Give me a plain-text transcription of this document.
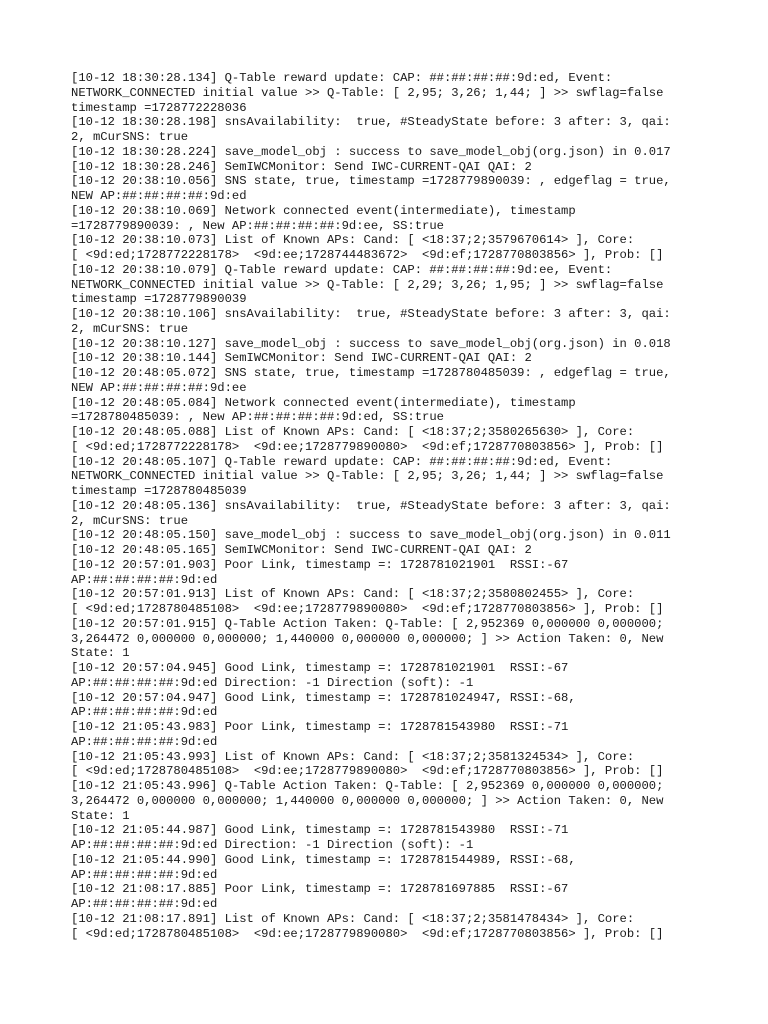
[10-12 18:30:28.134] Q-Table reward update: CAP: ##:##:##:##:9d:ed, Event:
NETWORK_CONNECTED initial value >> Q-Table: [ 2,95; 3,26; 1,44; ] >> swflag=false
timestamp =1728772228036
[10-12 18:30:28.198] snsAvailability:  true, #SteadyState before: 3 after: 3, qai:
2, mCurSNS: true
[10-12 18:30:28.224] save_model_obj : success to save_model_obj(org.json) in 0.017
[10-12 18:30:28.246] SemIWCMonitor: Send IWC-CURRENT-QAI QAI: 2
[10-12 20:38:10.056] SNS state, true, timestamp =1728779890039: , edgeflag = true,
NEW AP:##:##:##:##:9d:ed
[10-12 20:38:10.069] Network connected event(intermediate), timestamp
=1728779890039: , New AP:##:##:##:##:9d:ee, SS:true
[10-12 20:38:10.073] List of Known APs: Cand: [ <18:37;2;3579670614> ], Core:
[ <9d:ed;1728772228178>  <9d:ee;1728744483672>  <9d:ef;1728770803856> ], Prob: []
[10-12 20:38:10.079] Q-Table reward update: CAP: ##:##:##:##:9d:ee, Event:
NETWORK_CONNECTED initial value >> Q-Table: [ 2,29; 3,26; 1,95; ] >> swflag=false
timestamp =1728779890039
[10-12 20:38:10.106] snsAvailability:  true, #SteadyState before: 3 after: 3, qai:
2, mCurSNS: true
[10-12 20:38:10.127] save_model_obj : success to save_model_obj(org.json) in 0.018
[10-12 20:38:10.144] SemIWCMonitor: Send IWC-CURRENT-QAI QAI: 2
[10-12 20:48:05.072] SNS state, true, timestamp =1728780485039: , edgeflag = true,
NEW AP:##:##:##:##:9d:ee
[10-12 20:48:05.084] Network connected event(intermediate), timestamp
=1728780485039: , New AP:##:##:##:##:9d:ed, SS:true
[10-12 20:48:05.088] List of Known APs: Cand: [ <18:37;2;3580265630> ], Core:
[ <9d:ed;1728772228178>  <9d:ee;1728779890080>  <9d:ef;1728770803856> ], Prob: []
[10-12 20:48:05.107] Q-Table reward update: CAP: ##:##:##:##:9d:ed, Event:
NETWORK_CONNECTED initial value >> Q-Table: [ 2,95; 3,26; 1,44; ] >> swflag=false
timestamp =1728780485039
[10-12 20:48:05.136] snsAvailability:  true, #SteadyState before: 3 after: 3, qai:
2, mCurSNS: true
[10-12 20:48:05.150] save_model_obj : success to save_model_obj(org.json) in 0.011
[10-12 20:48:05.165] SemIWCMonitor: Send IWC-CURRENT-QAI QAI: 2
[10-12 20:57:01.903] Poor Link, timestamp =: 1728781021901  RSSI:-67
AP:##:##:##:##:9d:ed
[10-12 20:57:01.913] List of Known APs: Cand: [ <18:37;2;3580802455> ], Core:
[ <9d:ed;1728780485108>  <9d:ee;1728779890080>  <9d:ef;1728770803856> ], Prob: []
[10-12 20:57:01.915] Q-Table Action Taken: Q-Table: [ 2,952369 0,000000 0,000000;
3,264472 0,000000 0,000000; 1,440000 0,000000 0,000000; ] >> Action Taken: 0, New
State: 1
[10-12 20:57:04.945] Good Link, timestamp =: 1728781021901  RSSI:-67
AP:##:##:##:##:9d:ed Direction: -1 Direction (soft): -1
[10-12 20:57:04.947] Good Link, timestamp =: 1728781024947, RSSI:-68,
AP:##:##:##:##:9d:ed
[10-12 21:05:43.983] Poor Link, timestamp =: 1728781543980  RSSI:-71
AP:##:##:##:##:9d:ed
[10-12 21:05:43.993] List of Known APs: Cand: [ <18:37;2;3581324534> ], Core:
[ <9d:ed;1728780485108>  <9d:ee;1728779890080>  <9d:ef;1728770803856> ], Prob: []
[10-12 21:05:43.996] Q-Table Action Taken: Q-Table: [ 2,952369 0,000000 0,000000;
3,264472 0,000000 0,000000; 1,440000 0,000000 0,000000; ] >> Action Taken: 0, New
State: 1
[10-12 21:05:44.987] Good Link, timestamp =: 1728781543980  RSSI:-71
AP:##:##:##:##:9d:ed Direction: -1 Direction (soft): -1
[10-12 21:05:44.990] Good Link, timestamp =: 1728781544989, RSSI:-68,
AP:##:##:##:##:9d:ed
[10-12 21:08:17.885] Poor Link, timestamp =: 1728781697885  RSSI:-67
AP:##:##:##:##:9d:ed
[10-12 21:08:17.891] List of Known APs: Cand: [ <18:37;2;3581478434> ], Core:
[ <9d:ed;1728780485108>  <9d:ee;1728779890080>  <9d:ef;1728770803856> ], Prob: []
